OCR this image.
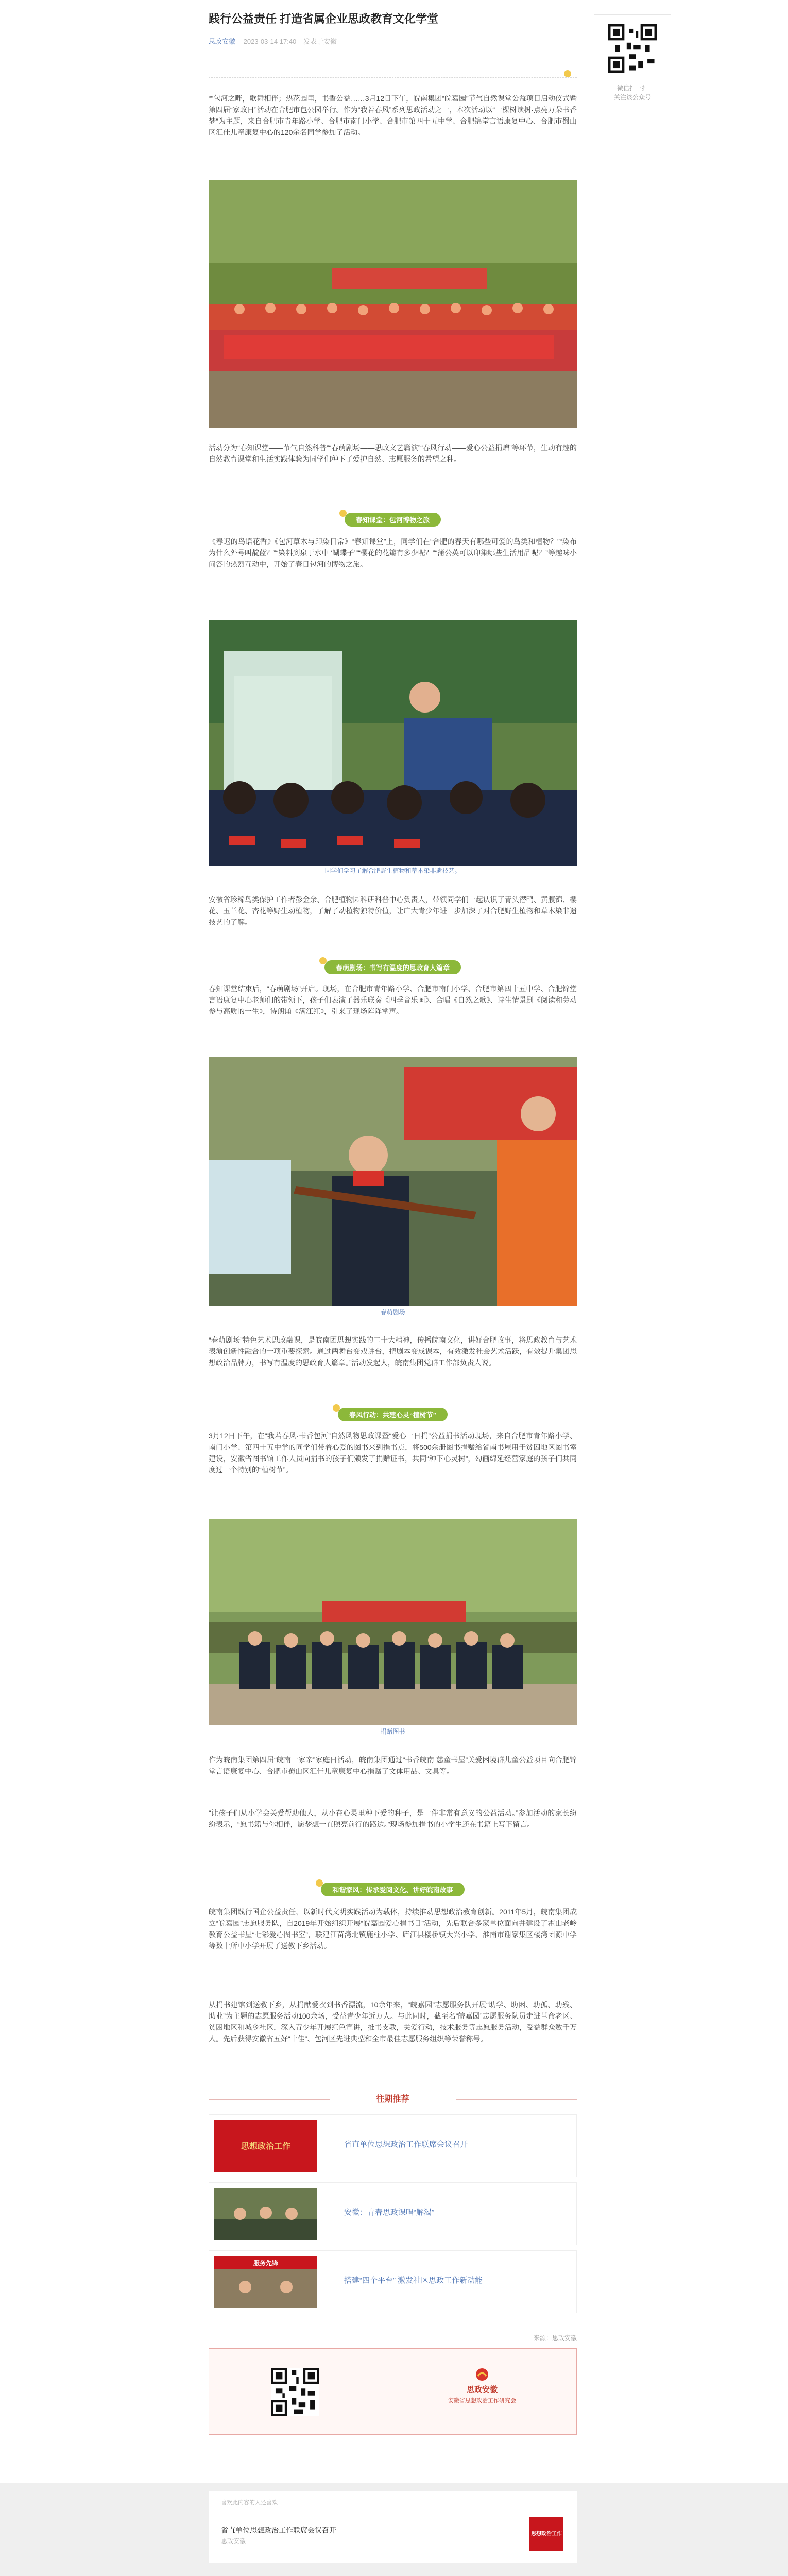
践行公益责任 打造省属企业思政教育文化学堂
思政安徽 2023-03-14 17:40 发表于安徽
“”包河之畔，歌舞相伴；热花园里，书香公益……3月12日下午，皖南集团“皖嘉园”节气自然课堂公益项目启动仪式暨第四届“家政日”活动在合肥市包公园举行。作为“我若春风”系列思政活动之一，本次活动以“一棵树读树·点亮万朵书香梦”为主题，来自合肥市青年路小学、合肥市南门小学、合肥市第四十五中学、合肥锦堂言语康复中心、合肥市蜀山区汇佳儿童康复中心的120余名同学参加了活动。
活动分为“春知课堂——节气自然科普”“春萌剧场——思政文艺篇演”“春风行动——爱心公益捐赠”等环节，生动有趣的自然教育课堂和生活实践体验为同学们种下了爱护自然、志愿服务的希望之种。
春知课堂：包河博物之旅
《春迟的鸟语花香》《包河草木与印染日常》“春知课堂”上，同学们在“合肥的春天有哪些可爱的鸟类和植物？”“染布为什么外号叫靛蓝？”“染料到泉于水中 ‘蝴蝶子’”“樱花的花瓣有多少呢？”“蒲公英可以印染哪些生活用品呢？”等趣味小问答的热烈互动中，开始了春日包河的博物之旅。
同学们学习了解合肥野生植物和草木染非遗技艺。
安徽省珍稀鸟类保护工作者彭金余、合肥植物园科研科普中心负责人，带领同学们一起认识了青头潜鸭、黄腹锦、樱花、玉兰花、杏花等野生动植物，了解了动植物独特价值，让广大青少年进一步加深了对合肥野生植物和草木染非遗技艺的了解。
春萌剧场：书写有温度的思政育人篇章
春知课堂结束后，“春萌剧场”开启。现场，在合肥市青年路小学、合肥市南门小学、合肥市第四十五中学、合肥锦堂言语康复中心老师们的带领下，孩子们表演了器乐联奏《四季音乐画》、合唱《自然之歌》、诗生情景剧《阅读和劳动参与高质的一生》，诗朗诵《满江红》，引来了现场阵阵掌声。
春萌剧场
“春萌剧场”特色艺术思政融课，是皖南团思想实践的二十大精神，传播皖南文化，讲好合肥故事，将思政教育与艺术表演创新性融合的一项重要探索。通过两舞台变戏讲台，把剧本变成课本，有效激发社会艺术活跃，有效提升集团思想政治品牌力，书写有温度的思政育人篇章。”活动发起人，皖南集团党群工作部负责人说。
春风行动：共建心灵“植树节”
3月12日下午，在“我若春风·书香包河”自然风物思政课暨“爱心一日捐”公益捐书活动现场，来自合肥市青年路小学、南门小学、第四十五中学的同学们带着心爱的图书来到捐书点，将500余册图书捐赠给省南书屋用于贫困地区图书室建设，安徽省图书馆工作人员向捐书的孩子们颁发了捐赠证书，共同“种下心灵树”，勾画绵延经营家庭的孩子们共同度过一个特别的“植树节”。
捐赠图书
作为皖南集团第四届“皖南一家亲”家庭日活动，皖南集团通过“书香皖南 慈童书屋”关爱困境群儿童公益项目向合肥锦堂言语康复中心、合肥市蜀山区汇佳儿童康复中心捐赠了文体用品、文具等。
“让孩子们从小学会关爱帮助他人，从小在心灵里种下爱的种子，是一件非常有意义的公益活动。”参加活动的家长纷纷表示，“愿书籍与你相伴，愿梦想一直照亮前行的路边。”现场参加捐书的小学生还在书籍上写下留言。
和谐家风：传承爱阅文化、讲好皖南故事
皖南集团践行国企公益责任，以新时代文明实践活动为载体，持续推动思想政治教育创新。2011年5月，皖南集团成立“皖嘉园”志愿服务队，自2019年开始组织开展“皖嘉园爱心捐书日”活动，先后联合多家单位面向并建设了霍山老岭教育公益书屋“七彩爱心图书室”，联建江苗湾北镇鹿柱小学、庐江县楼桥镇大兴小学、淮南市谢家集区楼湾团源中学等数十所中小学开展了送教下乡活动。
从捐书建馆到送教下乡，从捐献爱衣到书香漂流，10余年来，“皖嘉园”志愿服务队开展“助学、助困、助孤、助残、助业”为主题的志愿服务活动100余场，受益青少年近万人。与此同时，截至名“皖嘉园”志愿服务队员走进革命老区、贫困地区和城乡社区，深入青少年开展红色宣讲，推书支教，关爱行动，技术服务等志愿服务活动，受益群众数千万人。先后获得安徽省五好“十佳”、包河区先进典型和全市最佳志愿服务组织等荣誉称号。
往期推荐
思想政治工作	省直单位思想政治工作联席会议召开
安徽：青春思政课唱“解渴”
服务先锋
搭建“四个平台” 激发社区思政工作新动能
来源：思政安徽
思政安徽
安徽省思想政治工作研究会
微信扫一扫
关注该公众号
喜欢此内容的人还喜欢
省直单位思想政治工作联席会议召开
思政安徽
思想政治工作
